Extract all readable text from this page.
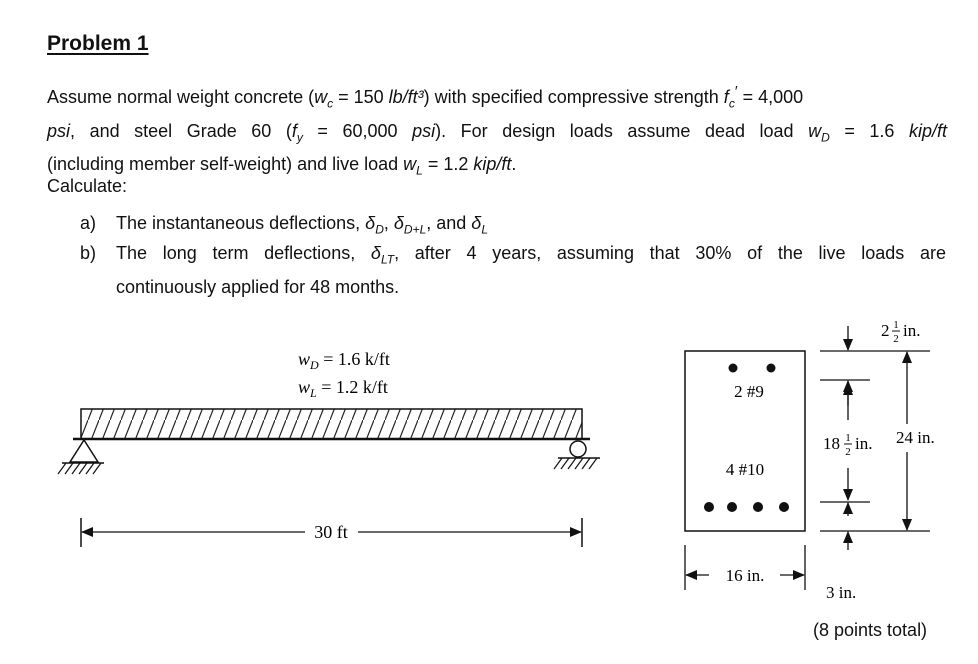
Problem 1
Assume normal weight concrete ($w_c = 150$ lb/ft³) with specified compressive strength $f_c' = 4,000$
psi, and steel Grade 60 ($f_y = 60,000$ psi). For design loads assume dead load $w_D = 1.6$ kip/ft
(including member self-weight) and live load $w_L = 1.2$ kip/ft.
Calculate:
a) The instantaneous deflections, $\delta_D$, $\delta_{D+L}$, and $\delta_L$
b) The long term deflections, $\delta_{LT}$, after 4 years, assuming that 30% of the live loads are
continuously applied for 48 months.
$w_D = 1.6$ k/ft
$w_L = 1.2$ k/ft
30 ft
2 #9
4 #10
16 in.
2 1
2 in.
18 1
2 in. 24 in.
3 in.
(8 points total)
